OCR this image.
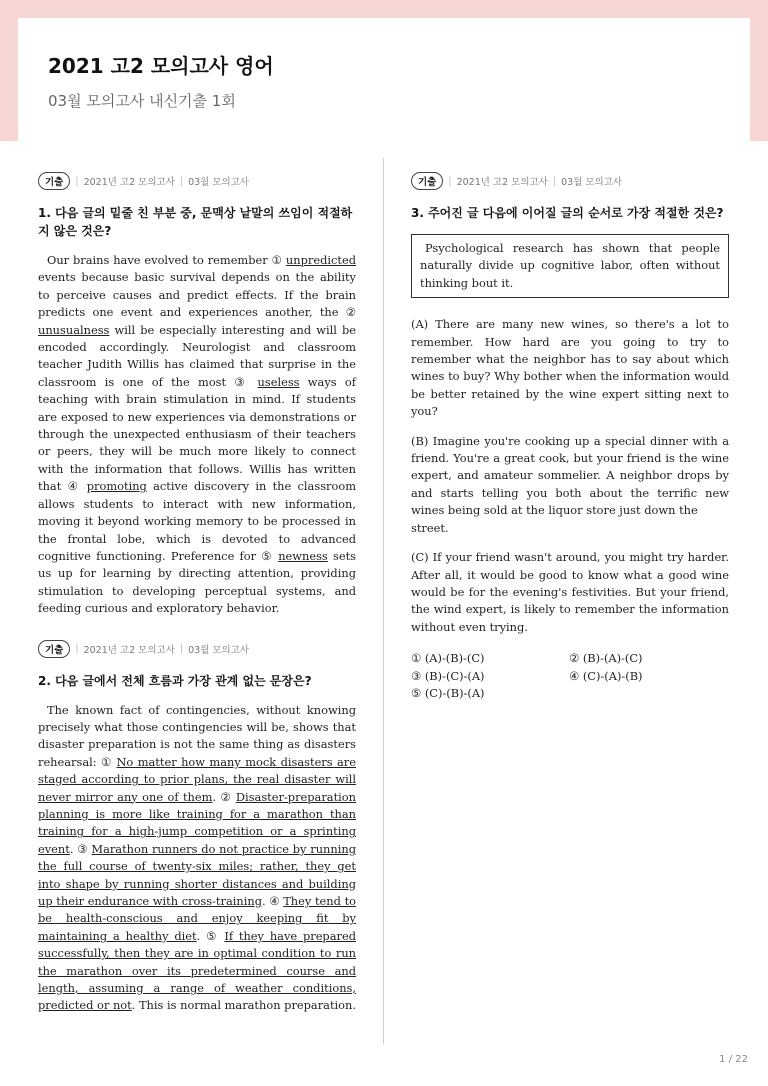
2021 고2 모의고사 영어

03월 모의고사 내신기출 1회

기출	| 2021년 고2 모의고사 | 03월 모의고사
1. 다음 글의 밑줄 친 부분 중, 문맥상 낱말의 쓰임이 적절하지 않은 것은?

Our brains have evolved to remember ① unpredicted events because basic survival depends on the ability to perceive causes and predict effects. If the brain predicts one event and experiences another, the ② unusualness will be especially interesting and will be encoded accordingly. Neurologist and classroom teacher Judith Willis has claimed that surprise in the classroom is one of the most ③ useless ways of teaching with brain stimulation in mind. If students are exposed to new experiences via demonstrations or through the unexpected enthusiasm of their teachers or peers, they will be much more likely to connect with the information that follows. Willis has written that ④ promoting active discovery in the classroom allows students to interact with new information, moving it beyond working memory to be processed in the frontal lobe, which is devoted to advanced cognitive functioning. Preference for ⑤ newness sets us up for learning by directing attention, providing stimulation to developing perceptual systems, and feeding curious and exploratory behavior.

기출	| 2021년 고2 모의고사 | 03월 모의고사
2. 다음 글에서 전체 흐름과 가장 관계 없는 문장은?

The known fact of contingencies, without knowing precisely what those contingencies will be, shows that disaster preparation is not the same thing as disasters rehearsal: ① No matter how many mock disasters are staged according to prior plans, the real disaster will never mirror any one of them. ② Disaster-preparation planning is more like training for a marathon than training for a high-jump competition or a sprinting event. ③ Marathon runners do not practice by running the full course of twenty-six miles; rather, they get into shape by running shorter distances and building up their endurance with cross-training. ④ They tend to be health-conscious and enjoy keeping fit by maintaining a healthy diet. ⑤ If they have prepared successfully, then they are in optimal condition to run the marathon over its predetermined course and length, assuming a range of weather conditions, predicted or not. This is normal marathon preparation.

기출	| 2021년 고2 모의고사 | 03월 모의고사
3. 주어진 글 다음에 이어질 글의 순서로 가장 적절한 것은?
Psychological research has shown that people naturally divide up cognitive labor, often without thinking bout it.

(A) There are many new wines, so there's a lot to remember. How hard are you going to try to remember what the neighbor has to say about which wines to buy? Why bother when the information would be better retained by the wine expert sitting next to you?

(B) Imagine you're cooking up a special dinner with a friend. You're a great cook, but your friend is the wine expert, and amateur sommelier. A neighbor drops by and starts telling you both about the terrific new wines being sold at the liquor store just down the
street.

(C) If your friend wasn't around, you might try harder. After all, it would be good to know what a good wine would be for the evening's festivities. But your friend, the wind expert, is likely to remember the information without even trying.

① (A)-(B)-(C)	② (B)-(A)-(C)
③ (B)-(C)-(A)	④ (C)-(A)-(B)
⑤ (C)-(B)-(A)
1 / 22
